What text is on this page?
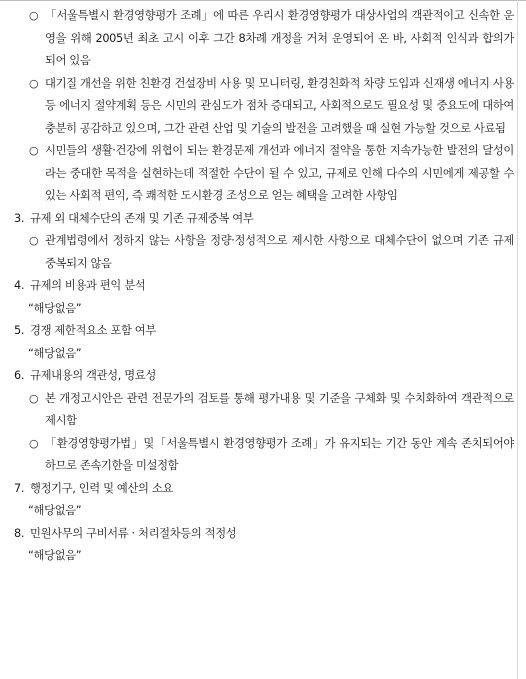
○ 「서울특별시 환경영향평가 조례」에 따른 우리시 환경영향평가 대상사업의 객관적이고 신속한 운영을 위해 2005년 최초 고시 이후 그간 8차례 개정을 거쳐 운영되어 온 바, 사회적 인식과 합의가 되어 있음
○ 대기질 개선을 위한 친환경 건설장비 사용 및 모니터링, 환경친화적 차량 도입과 신재생 에너지 사용 등 에너지 절약계획 등은 시민의 관심도가 점차 증대되고, 사회적으로도 필요성 및 중요도에 대하여 충분히 공감하고 있으며, 그간 관련 산업 및 기술의 발전을 고려했을 때 실현 가능할 것으로 사료됨
○ 시민들의 생활·건강에 위협이 되는 환경문제 개선과 에너지 절약을 통한 지속가능한 발전의 달성이라는 중대한 목적을 실현하는데 적절한 수단이 될 수 있고, 규제로 인해 다수의 시민에게 제공할 수 있는 사회적 편익, 즉 쾌적한 도시환경 조성으로 얻는 혜택을 고려한 사항임
3. 규제 외 대체수단의 존재 및 기존 규제중복 여부
○ 관계법령에서 정하지 않는 사항을 정량·정성적으로 제시한 사항으로 대체수단이 없으며 기존 규제 중복되지 않음
4. 규제의 비용과 편익 분석
“해당없음”
5. 경쟁 제한적요소 포함 여부
“해당없음”
6. 규제내용의 객관성, 명료성
○ 본 개정고시안은 관련 전문가의 검토를 통해 평가내용 및 기준을 구체화 및 수치화하여 객관적으로 제시함
○ 「환경영향평가법」및「서울특별시 환경영향평가 조례」가 유지되는 기간 동안 계속 존치되어야 하므로 존속기한을 미설정함
7. 행정기구, 인력 및 예산의 소요
“해당없음”
8. 민원사무의 구비서류 · 처리절차등의 적정성
“해당없음”
